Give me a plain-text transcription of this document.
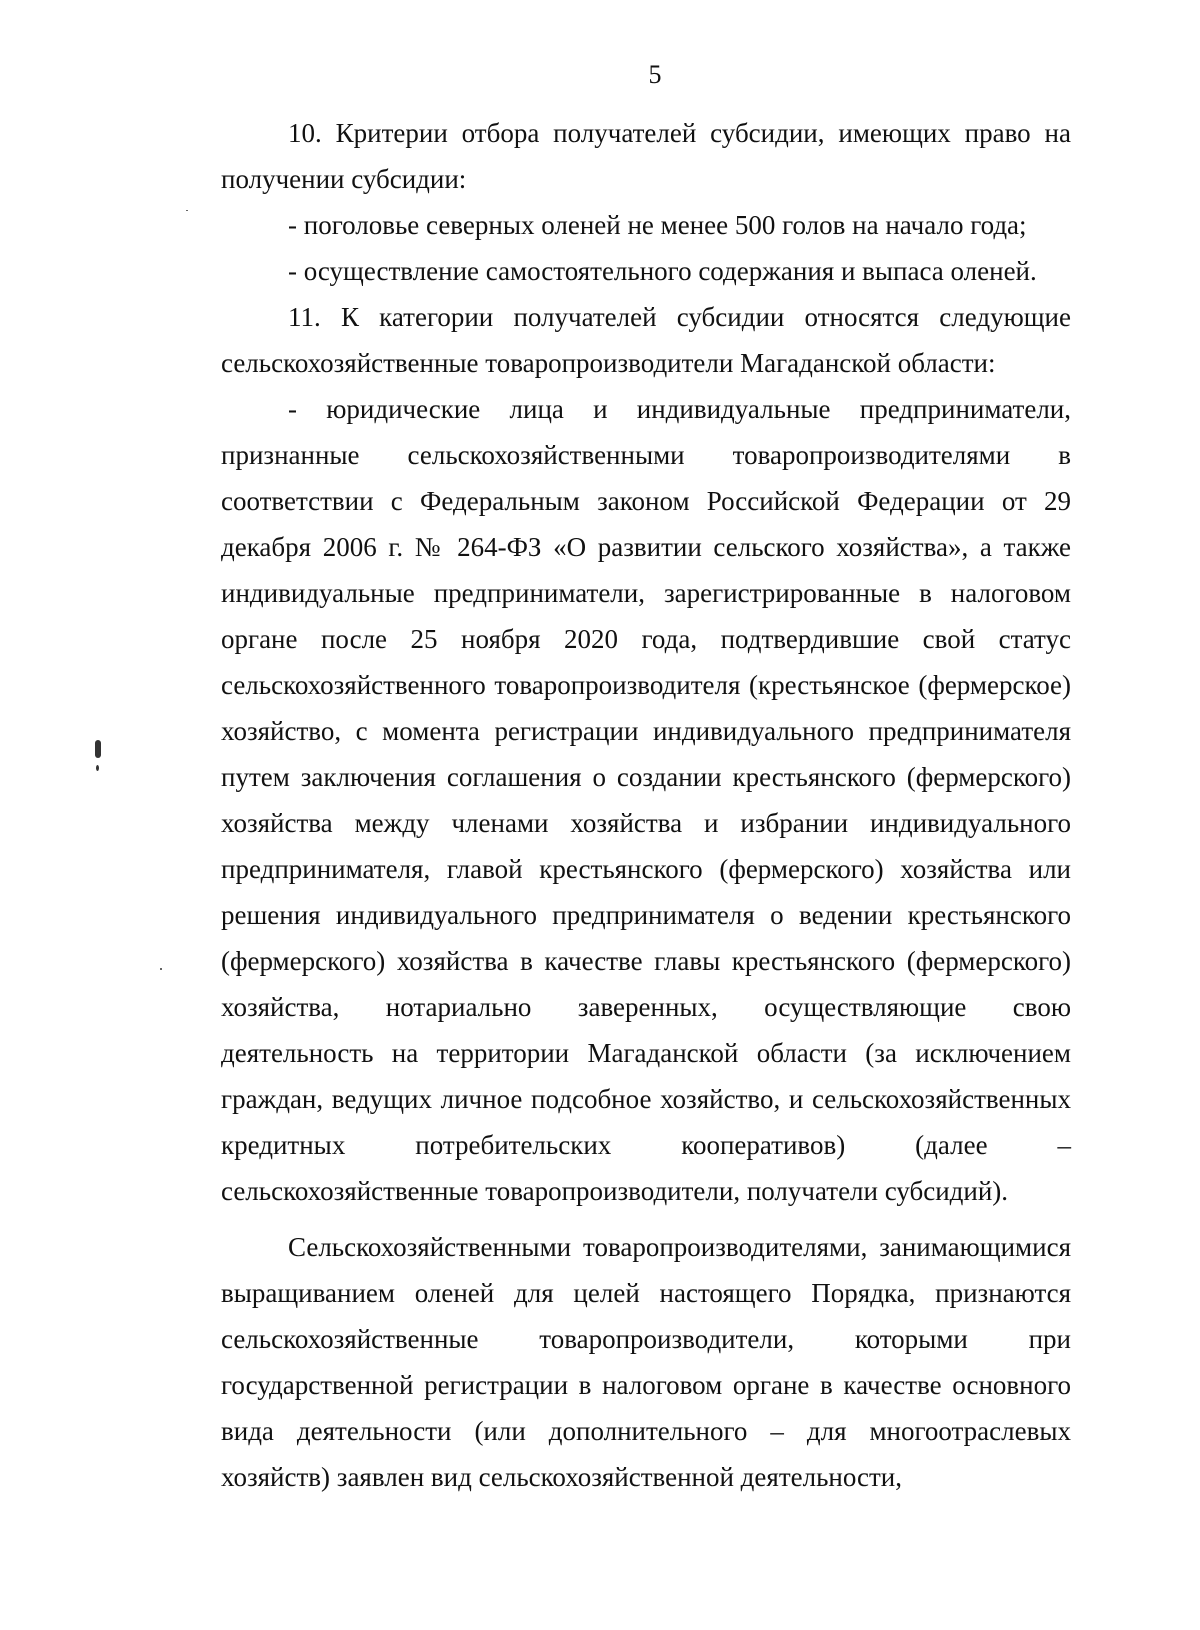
5

10. Критерии отбора получателей субсидии, имеющих право на получении субсидии:

- поголовье северных оленей не менее 500 голов на начало года;

- осуществление самостоятельного содержания и выпаса оленей.

11. К категории получателей субсидии относятся следующие сельскохозяйственные товаропроизводители Магаданской области:

- юридические лица и индивидуальные предприниматели, признанные сельскохозяйственными товаропроизводителями в соответствии с Федеральным законом Российской Федерации от 29 декабря 2006 г. № 264-ФЗ «О развитии сельского хозяйства», а также индивидуальные предприниматели, зарегистрированные в налоговом органе после 25 ноября 2020 года, подтвердившие свой статус сельскохозяйственного товаропроизводителя (крестьянское (фермерское) хозяйство, с момента регистрации индивидуального предпринимателя путем заключения соглашения о создании крестьянского (фермерского) хозяйства между членами хозяйства и избрании индивидуального предпринимателя, главой крестьянского (фермерского) хозяйства или решения индивидуального предпринимателя о ведении крестьянского (фермерского) хозяйства в качестве главы крестьянского (фермерского) хозяйства, нотариально заверенных, осуществляющие свою деятельность на территории Магаданской области (за исключением граждан, ведущих личное подсобное хозяйство, и сельскохозяйственных кредитных потребительских кооперативов) (далее – сельскохозяйственные товаропроизводители, получатели субсидий).

Сельскохозяйственными товаропроизводителями, занимающимися выращиванием оленей для целей настоящего Порядка, признаются сельскохозяйственные товаропроизводители, которыми при государственной регистрации в налоговом органе в качестве основного вида деятельности (или дополнительного – для многоотраслевых хозяйств) заявлен вид сельскохозяйственной деятельности,
